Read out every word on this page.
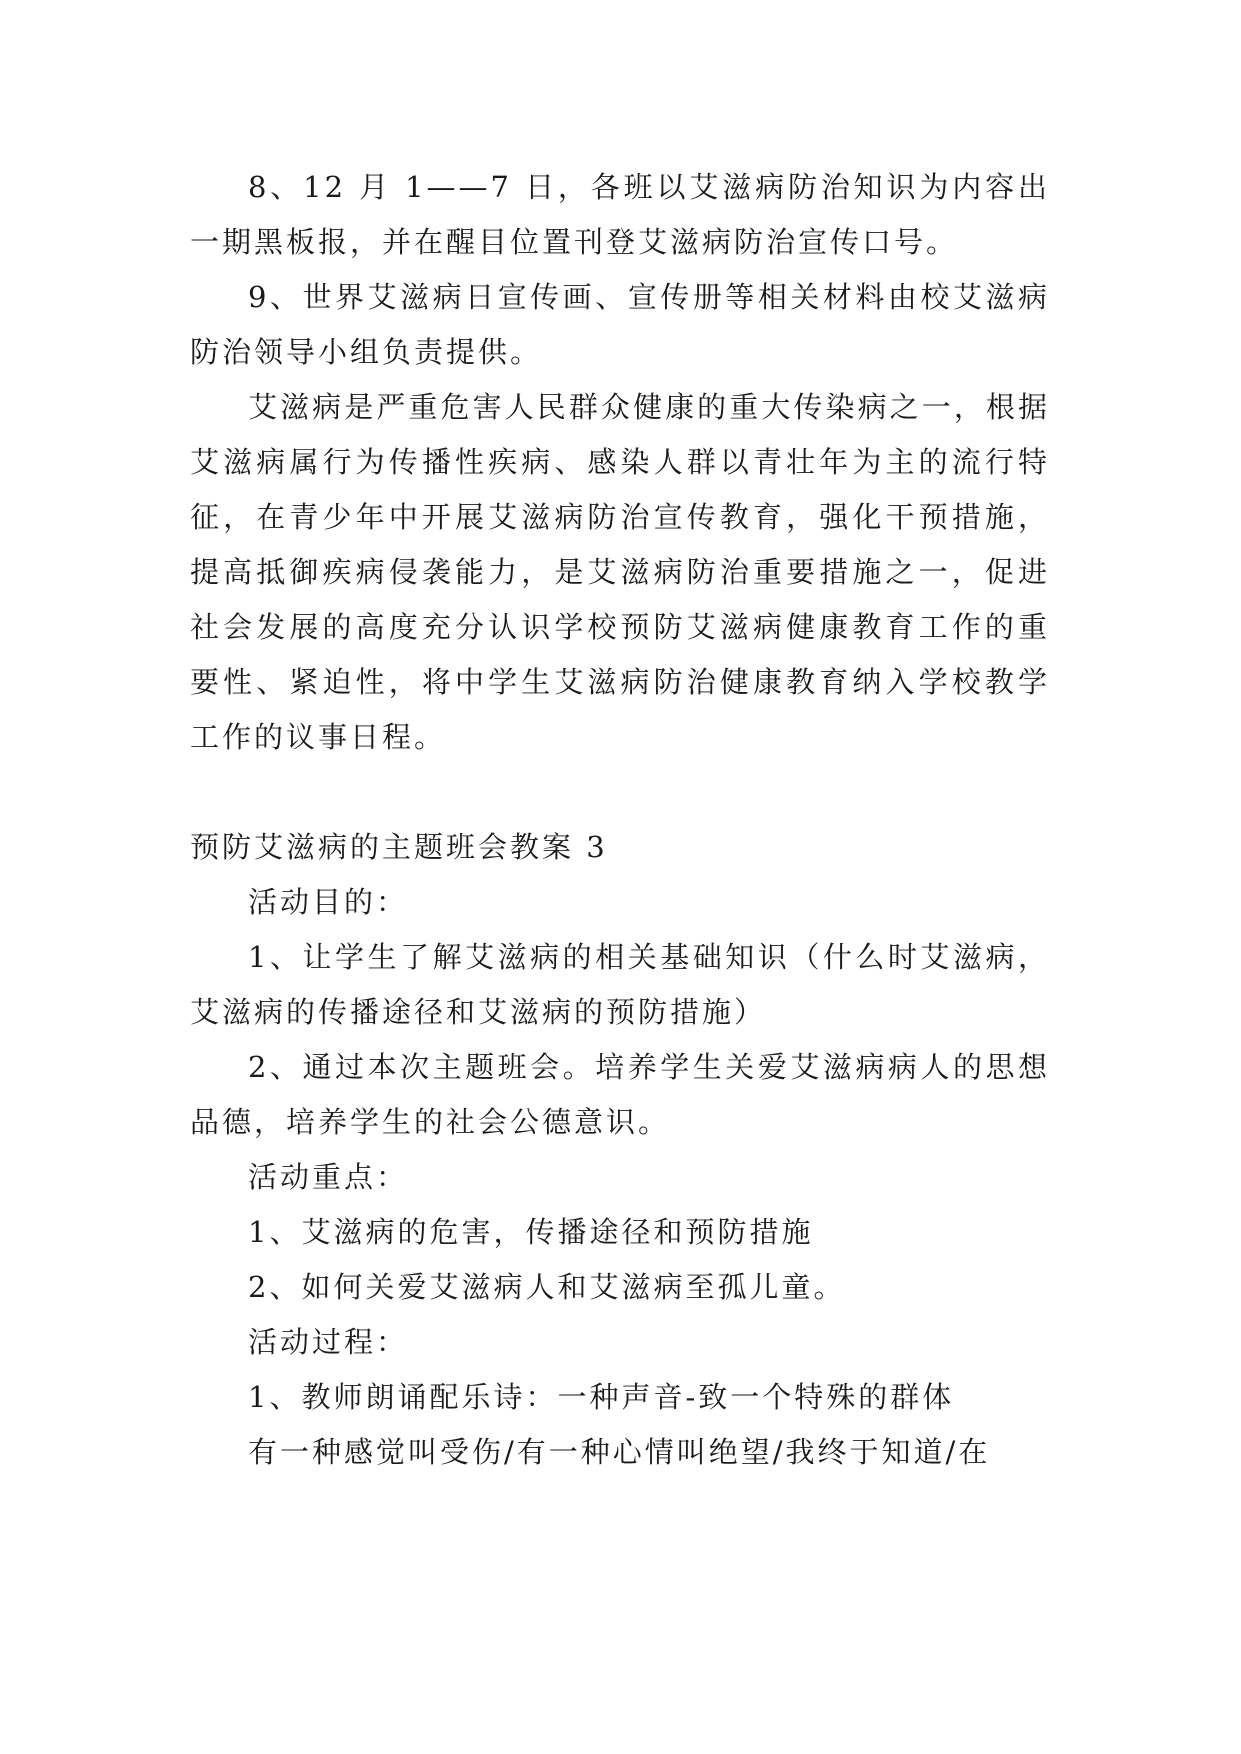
8、12 月 1——7 日，各班以艾滋病防治知识为内容出一期黑板报，并在醒目位置刊登艾滋病防治宣传口号。

9、世界艾滋病日宣传画、宣传册等相关材料由校艾滋病防治领导小组负责提供。

艾滋病是严重危害人民群众健康的重大传染病之一，根据艾滋病属行为传播性疾病、感染人群以青壮年为主的流行特征，在青少年中开展艾滋病防治宣传教育，强化干预措施，提高抵御疾病侵袭能力，是艾滋病防治重要措施之一，促进社会发展的高度充分认识学校预防艾滋病健康教育工作的重要性、紧迫性，将中学生艾滋病防治健康教育纳入学校教学工作的议事日程。

预防艾滋病的主题班会教案 3

活动目的：

1、让学生了解艾滋病的相关基础知识（什么时艾滋病，艾滋病的传播途径和艾滋病的预防措施）

2、通过本次主题班会。培养学生关爱艾滋病病人的思想品德，培养学生的社会公德意识。

活动重点：

1、艾滋病的危害，传播途径和预防措施

2、如何关爱艾滋病人和艾滋病至孤儿童。

活动过程：

1、教师朗诵配乐诗：一种声音-致一个特殊的群体

有一种感觉叫受伤/有一种心情叫绝望/我终于知道/在
